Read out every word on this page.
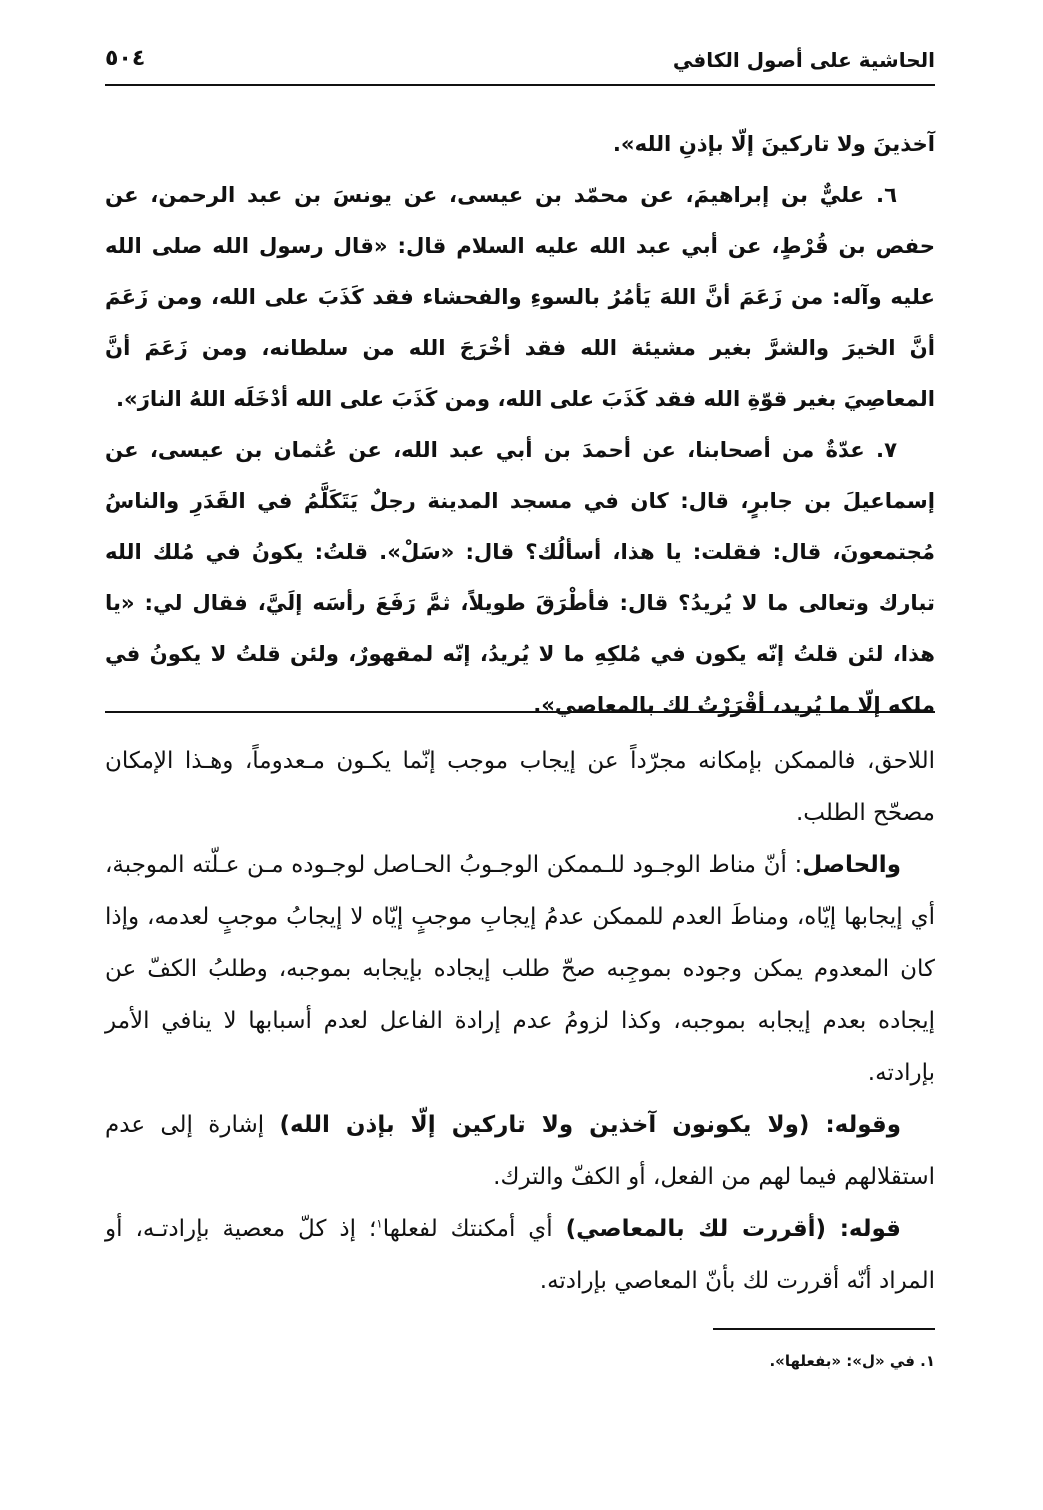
الحاشية على أصول الكافي
٥٠٤

آخذينَ ولا تاركينَ إلّا بإذنِ الله».

٦. عليٌّ بن إبراهيمَ، عن محمّد بن عيسى، عن يونسَ بن عبد الرحمن، عن حفص بن قُرْطٍ، عن أبي عبد الله عليه السلام قال: «قال رسول الله صلى الله عليه وآله: من زَعَمَ أنَّ اللهَ يَأمُرُ بالسوءِ والفحشاء فقد كَذَبَ على الله، ومن زَعَمَ أنَّ الخيرَ والشرَّ بغير مشيئة الله فقد أخْرَجَ الله من سلطانه، ومن زَعَمَ أنَّ المعاصِيَ بغير قوّةِ الله فقد كَذَبَ على الله، ومن كَذَبَ على الله أدْخَلَه اللهُ النارَ».

٧. عدّةٌ من أصحابنا، عن أحمدَ بن أبي عبد الله، عن عُثمان بن عيسى، عن إسماعيلَ بن جابرٍ، قال: كان في مسجد المدينة رجلٌ يَتَكَلَّمُ في القَدَرِ والناسُ مُجتمعونَ، قال: فقلت: يا هذا، أسألُك؟ قال: «سَلْ». قلتُ: يكونُ في مُلك الله تبارك وتعالى ما لا يُريدُ؟ قال: فأطْرَقَ طويلاً، ثمَّ رَفَعَ رأسَه إلَيَّ، فقال لي: «يا هذا، لئن قلتُ إنّه يكون في مُلكِهِ ما لا يُريدُ، إنّه لمقهورٌ، ولئن قلتُ لا يكونُ في ملكه إلّا ما يُريد، أقْرَرْتُ لك بالمعاصي».

اللاحق، فالممكن بإمكانه مجرّداً عن إيجاب موجب إنّما يكـون مـعدوماً، وهـذا الإمكان مصحّح الطلب.

والحاصل: أنّ مناط الوجـود للـممكن الوجـوبُ الحـاصل لوجـوده مـن عـلّته الموجبة، أي إيجابها إيّاه، ومناطَ العدم للممكن عدمُ إيجابِ موجبٍ إيّاه لا إيجابُ موجبٍ لعدمه، وإذا كان المعدوم يمكن وجوده بموجِبه صحّ طلب إيجاده بإيجابه بموجبه، وطلبُ الكفّ عن إيجاده بعدم إيجابه بموجبه، وكذا لزومُ عدم إرادة الفاعل لعدم أسبابها لا ينافي الأمر بإرادته.

وقوله: (ولا يكونون آخذين ولا تاركين إلّا بإذن الله) إشارة إلى عدم استقلالهم فيما لهم من الفعل، أو الكفّ والترك.

قوله: (أقررت لك بالمعاصي) أي أمكنتك لفعلها$^١$؛ إذ كلّ معصية بإرادتـه، أو المراد أنّه أقررت لك بأنّ المعاصي بإرادته.

١. في «ل»: «بفعلها».
